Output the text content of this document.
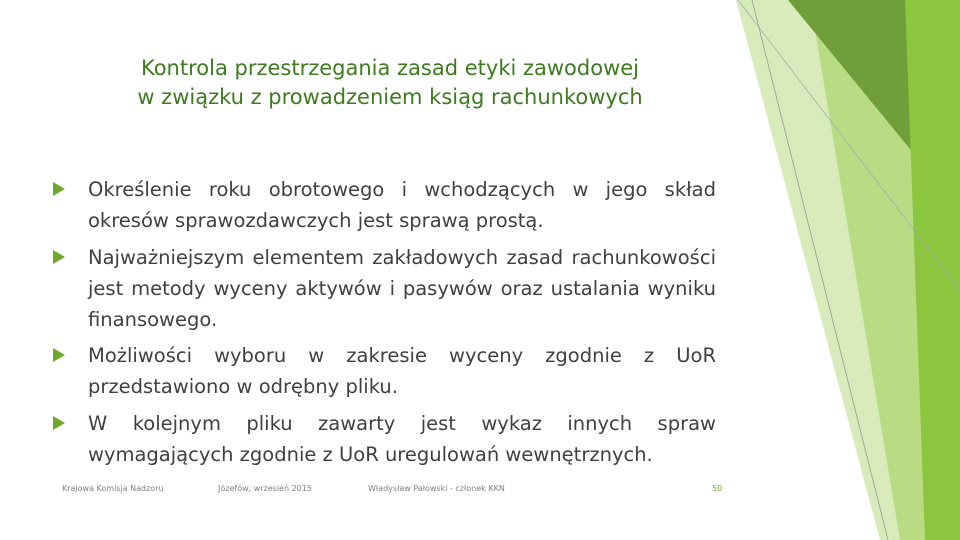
Kontrola przestrzegania zasad etyki zawodowej
w związku z prowadzeniem ksiąg rachunkowych
Określenie roku obrotowego i wchodzących w jego skład okresów sprawozdawczych jest sprawą prostą.
Najważniejszym elementem zakładowych zasad rachunkowości jest metody wyceny aktywów i pasywów oraz ustalania wyniku finansowego.
Możliwości wyboru w zakresie wyceny zgodnie z UoR przedstawiono w odrębny pliku.
W kolejnym pliku zawarty jest wykaz innych spraw wymagających zgodnie z UoR uregulowań wewnętrznych.
Krajowa Komisja Nadzoru	Józefów, wrzesień 2015	Władysław Pałowski - członek KKN	50
